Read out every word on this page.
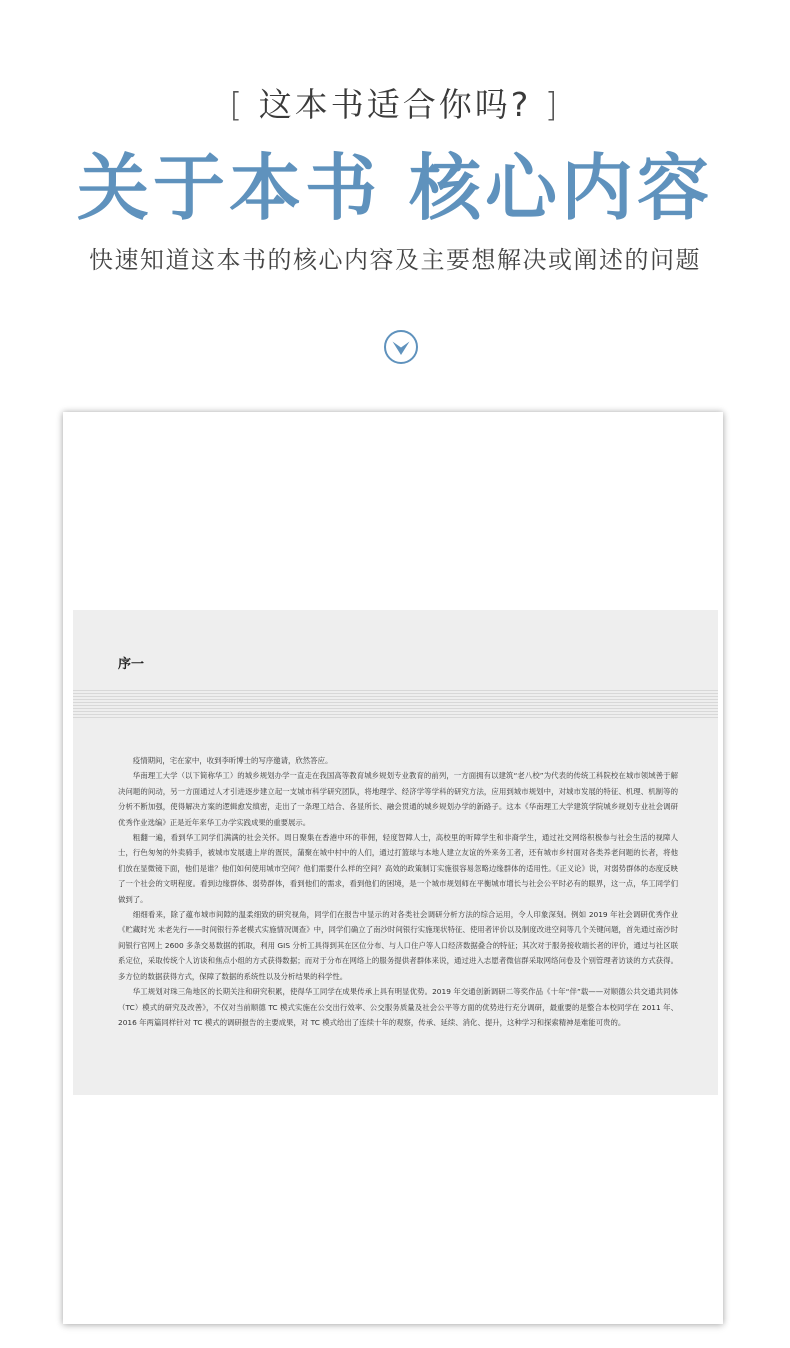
[ 这本书适合你吗? ]
关于本书 核心内容
快速知道这本书的核心内容及主要想解决或阐述的问题
序一

疫情期间，宅在家中，收到李昕博士的写序邀请，欣然答应。

华南理工大学（以下简称华工）的城乡规划办学一直走在我国高等教育城乡规划专业教育的前列，一方面拥有以建筑“老八校”为代表的传统工科院校在城市领域善于解决问题的间动，另一方面通过人才引进逐步建立起一支城市科学研究团队，将地理学、经济学等学科的研究方法，应用到城市规划中，对城市发展的特征、机理、机制等的分析不断加强，使得解决方案的逻辑愈发缜密，走出了一条理工结合、各显所长、融会贯通的城乡规划办学的新路子。这本《华南理工大学建筑学院城乡规划专业社会调研优秀作业选编》正是近年来华工办学实践成果的重要展示。

粗翻一遍，看到华工同学们满满的社会关怀。周日聚集在香港中环的菲佣，轻度智障人士，高校里的听障学生和非裔学生，通过社交网络积极参与社会生活的视障人士，行色匆匆的外卖骑手，被城市发展遗上岸的疍民，蒲聚在城中村中的人们，通过打篮球与本地人建立友谊的外来务工者，还有城市乡村面对各类养老问题的长者，将他们放在显微镜下面，他们是谁？他们如何使用城市空间？他们需要什么样的空间？高效的政策制订实施很容易忽略边缘群体的适用性。《正义论》说，对弱势群体的态度反映了一个社会的文明程度。看到边缘群体、弱势群体，看到他们的需求，看到他们的困境，是一个城市规划师在平衡城市增长与社会公平时必有的眼界，这一点，华工同学们做到了。

细细看来，除了蕴布城市间隙的温柔细致的研究视角，同学们在报告中显示的对各类社会调研分析方法的综合运用，令人印象深刻。例如 2019 年社会调研优秀作业《贮藏时光 未老先行——时间银行养老模式实施情况调查》中，同学们确立了南沙时间银行实施现状特征、使用者评价以及制度改进空间等几个关键问题，首先通过南沙时间银行官网上 2600 多条交易数据的抓取，利用 GIS 分析工具得到其在区位分布、与人口住户等人口经济数据叠合的特征；其次对于服务接收端长者的评价，通过与社区联系定位，采取传统个人访谈和焦点小组的方式获得数据；而对于分布在网络上的服务提供者群体来说，通过进入志愿者微信群采取网络问卷及个别管理者访谈的方式获得。多方位的数据获得方式，保障了数据的系统性以及分析结果的科学性。

华工规划对珠三角地区的长期关注和研究积累，使得华工同学在成果传承上具有明显优势。2019 年交通创新调研二等奖作品《十年“伴”载——对顺德公共交通共同体（TC）模式的研究及改善》，不仅对当前顺德 TC 模式实施在公交出行效率、公交服务质量及社会公平等方面的优势进行充分调研，最重要的是整合本校同学在 2011 年、2016 年两篇同样针对 TC 模式的调研报告的主要成果，对 TC 模式给出了连续十年的观察，传承、延续、消化、提升，这种学习和探索精神是难能可贵的。
